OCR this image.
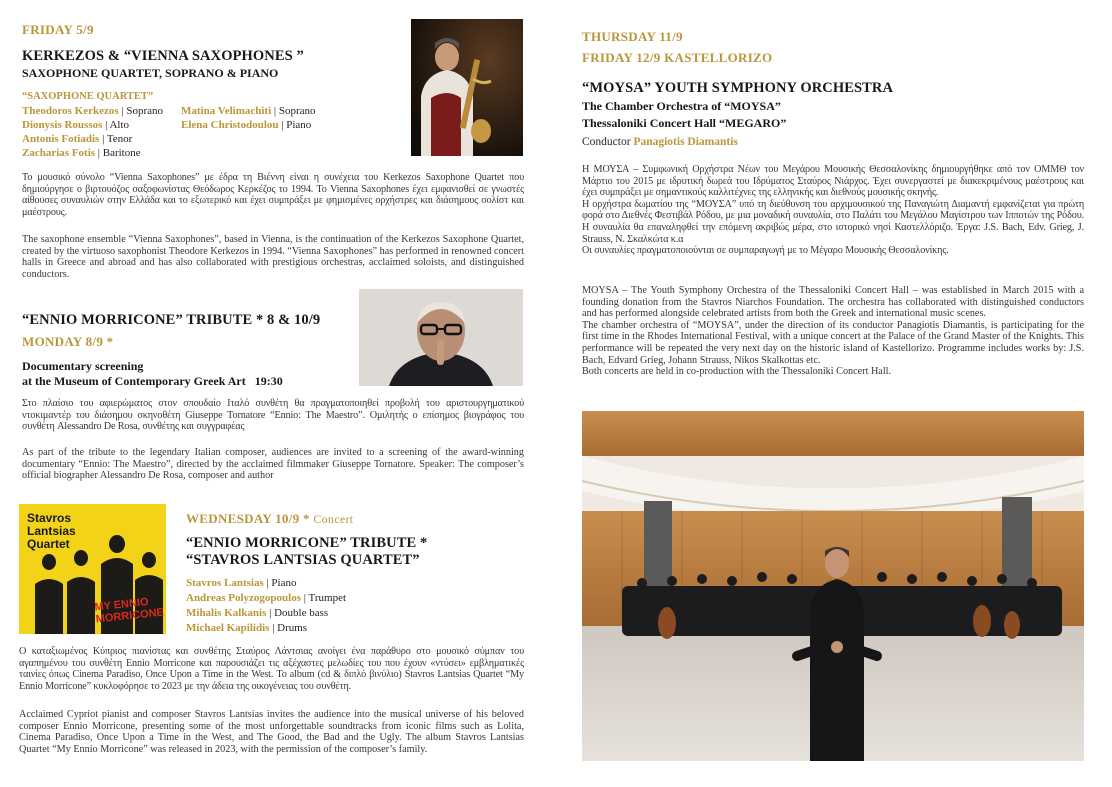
FRIDAY 5/9
KERKEZOS & “VIENNA SAXOPHONES ”
SAXOPHONE QUARTET, SOPRANO & PIANO
“SAXOPHONE QUARTET”
Theodoros Kerkezos | Soprano
Dionysis Roussos | Alto
Antonis Fotiadis | Tenor
Zacharias Fotis | Baritone
Matina Velimachiti | Soprano
Elena Christodoulou | Piano
Το μουσικό σύνολο “Vienna Saxophones” με έδρα τη Βιέννη είναι η συνέχεια του Kerkezos Saxophone Quartet που δημιούργησε ο βιρτουόζος σαξοφωνίστας Θεόδωρος Κερκέζος το 1994. Το Vienna Saxophones έχει εμφανισθεί σε γνωστές αίθουσες συναυλιών στην Ελλάδα και το εξωτερικό και έχει συμπράξει με φημισμένες ορχήστρες και διάσημους σολίστ και μαέστρους.
The saxophone ensemble “Vienna Saxophones”, based in Vienna, is the continuation of the Kerkezos Saxophone Quartet, created by the virtuoso saxophonist Theodore Kerkezos in 1994. “Vienna Saxophones” has performed in renowned concert halls in Greece and abroad and has also collaborated with prestigious orchestras, acclaimed soloists, and distinguished conductors.
“ENNIO MORRICONE” TRIBUTE * 8 & 10/9
MONDAY 8/9 *
Documentary screening
at the Museum of Contemporary Greek Art 19:30
Στο πλαίσιο του αφιερώματος στον σπουδαίο Ιταλό συνθέτη θα πραγματοποιηθεί προβολή του αριστουργηματικού ντοκιμαντέρ του διάσημου σκηνοθέτη Giuseppe Tornatore “Ennio: The Maestro”. Ομιλητής ο επίσημος βιογράφος του συνθέτη Alessandro De Rosa, συνθέτης και συγγραφέας
As part of the tribute to the legendary Italian composer, audiences are invited to a screening of the award-winning documentary “Ennio: The Maestro”, directed by the acclaimed filmmaker Giuseppe Tornatore. Speaker: The composer’s official biographer Alessandro De Rosa, composer and author
Stavros Lantsias Quartet
MY ENNIO MORRICONE
WEDNESDAY 10/9 * Concert
“ENNIO MORRICONE” TRIBUTE *
“STAVROS LANTSIAS QUARTET”
Stavros Lantsias | Piano
Andreas Polyzogopoulos | Trumpet
Mihalis Kalkanis | Double bass
Michael Kapilidis | Drums
Ο καταξιωμένος Κύπριος πιανίστας και συνθέτης Σταύρος Λάντσιας ανοίγει ένα παράθυρο στο μουσικό σύμπαν του αγαπημένου του συνθέτη Ennio Morricone και παρουσιάζει τις αξέχαστες μελωδίες του που έχουν «ντύσει» εμβληματικές ταινίες όπως Cinema Paradiso, Once Upon a Time in the West. Το album (cd & διπλό βινύλιο) Stavros Lantsias Quartet “My Ennio Morricone” κυκλοφόρησε το 2023 με την άδεια της οικογένειας του συνθέτη.
Acclaimed Cypriot pianist and composer Stavros Lantsias invites the audience into the musical universe of his beloved composer Ennio Morricone, presenting some of the most unforgettable soundtracks from iconic films such as Lolita, Cinema Paradiso, Once Upon a Time in the West, and The Good, the Bad and the Ugly. The album Stavros Lantsias Quartet “My Ennio Morricone” was released in 2023, with the permission of the composer’s family.
THURSDAY 11/9
FRIDAY 12/9 KASTELLORIZO
“MOYSA” YOUTH SYMPHONY ORCHESTRA
The Chamber Orchestra of “MOYSA”
Thessaloniki Concert Hall “MEGARO”
Conductor Panagiotis Diamantis
Η ΜΟΥΣΑ – Συμφωνική Ορχήστρα Νέων του Μεγάρου Μουσικής Θεσσαλονίκης δημιουργήθηκε από τον ΟΜΜΘ τον Μάρτιο του 2015 με ιδρυτική δωρεά του Ιδρύματος Σταύρος Νιάρχος. Έχει συνεργαστεί με διακεκριμένους μαέστρους και έχει συμπράξει με σημαντικούς καλλιτέχνες της ελληνικής και διεθνούς μουσικής σκηνής.
Η ορχήστρα δωματίου της “ΜΟΥΣΑ” υπό τη διεύθυνση του αρχιμουσικού της Παναγιώτη Διαμαντή εμφανίζεται για πρώτη φορά στο Διεθνές Φεστιβάλ Ρόδου, με μια μοναδική συναυλία, στο Παλάτι του Μεγάλου Μαγίστρου των Ιπποτών της Ρόδου. Η συναυλία θα επαναληφθεί την επόμενη ακριβώς μέρα, στο ιστορικό νησί Καστελλόριζο. Έργα: J.S. Bach, Edv. Grieg, J. Strauss, Ν. Σκαλκώτα κ.α
Οι συναυλίες πραγματοποιούνται σε συμπαραγωγή με το Μέγαρο Μουσικής Θεσσαλονίκης.
MOYSA – The Youth Symphony Orchestra of the Thessaloniki Concert Hall – was established in March 2015 with a founding donation from the Stavros Niarchos Foundation. The orchestra has collaborated with distinguished conductors and has performed alongside celebrated artists from both the Greek and international music scenes.
The chamber orchestra of “MOYSA”, under the direction of its conductor Panagiotis Diamantis, is participating for the first time in the Rhodes International Festival, with a unique concert at the Palace of the Grand Master of the Knights. This performance will be repeated the very next day on the historic island of Kastellorizo. Programme includes works by: J.S. Bach, Edvard Grieg, Johann Strauss, Nikos Skalkottas etc.
Both concerts are held in co-production with the Thessaloniki Concert Hall.
